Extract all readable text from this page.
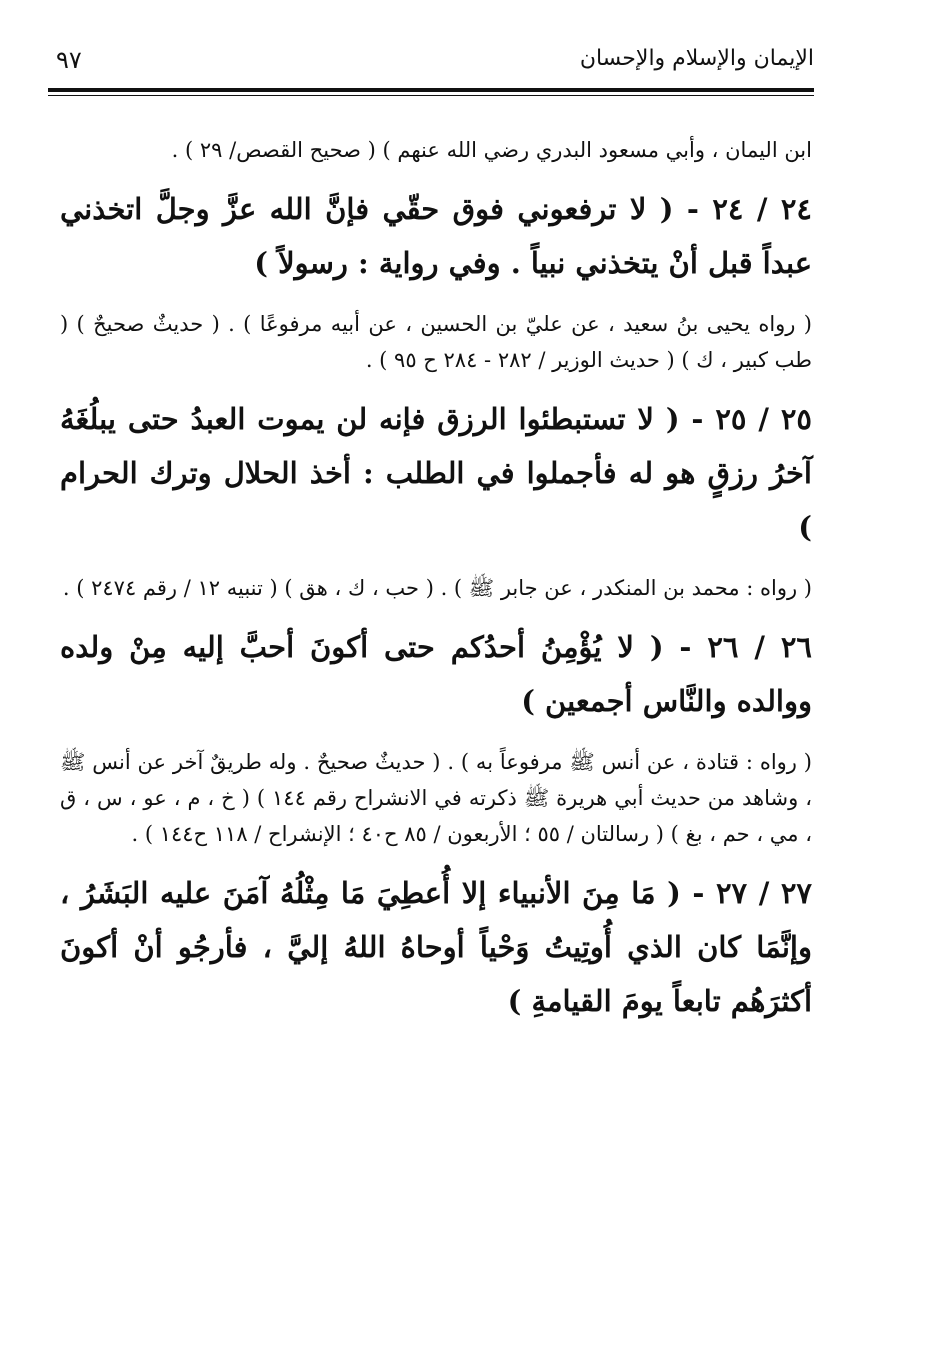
الإيمان والإسلام والإحسان
٩٧

ابن اليمان ، وأبي مسعود البدري رضي الله عنهم ) ( صحيح القصص/ ٢٩ ) .

٢٤ / ٢٤ - ( لا ترفعوني فوق حقّي فإنَّ الله عزَّ وجلَّ اتخذني عبداً قبل أنْ يتخذني نبياً . وفي رواية : رسولاً )

( رواه يحيى بنُ سعيد ، عن عليّ بن الحسين ، عن أبيه مرفوعًا ) . ( حديثٌ صحيحٌ ) ( طب كبير ، ك ) ( حديث الوزير / ٢٨٢ - ٢٨٤ ح ٩٥ ) .

٢٥ / ٢٥ - ( لا تستبطئوا الرزق فإنه لن يموت العبدُ حتى يبلُغَهُ آخرُ رزقٍ هو له فأجملوا في الطلب : أخذ الحلال وترك الحرام )

( رواه : محمد بن المنكدر ، عن جابر ﷺ ) . ( حب ، ك ، هق ) ( تنبيه ١٢ / رقم ٢٤٧٤ ) .

٢٦ / ٢٦ - ( لا يُؤْمِنُ أحدُكم حتى أكونَ أحبَّ إليه مِنْ ولده ووالده والنَّاس أجمعين )

( رواه : قتادة ، عن أنس ﷺ مرفوعاً به ) . ( حديثٌ صحيحٌ . وله طريقٌ آخر عن أنس ﷺ ، وشاهد من حديث أبي هريرة ﷺ ذكرته في الانشراح رقم ١٤٤ ) ( خ ، م ، عو ، س ، ق ، مي ، حم ، بغ ) ( رسالتان / ٥٥ ؛ الأربعون / ٨٥ ح٤٠ ؛ الإنشراح / ١١٨ ح١٤٤ ) .

٢٧ / ٢٧ - ( مَا مِنَ الأنبياء إلا أُعطِيَ مَا مِثْلُهُ آمَنَ عليه البَشَرُ ، وإنَّمَا كان الذي أُوتِيتُ وَحْياً أوحاهُ اللهُ إليَّ ، فأرجُو أنْ أكونَ أكثرَهُم تابعاً يومَ القيامةِ )
